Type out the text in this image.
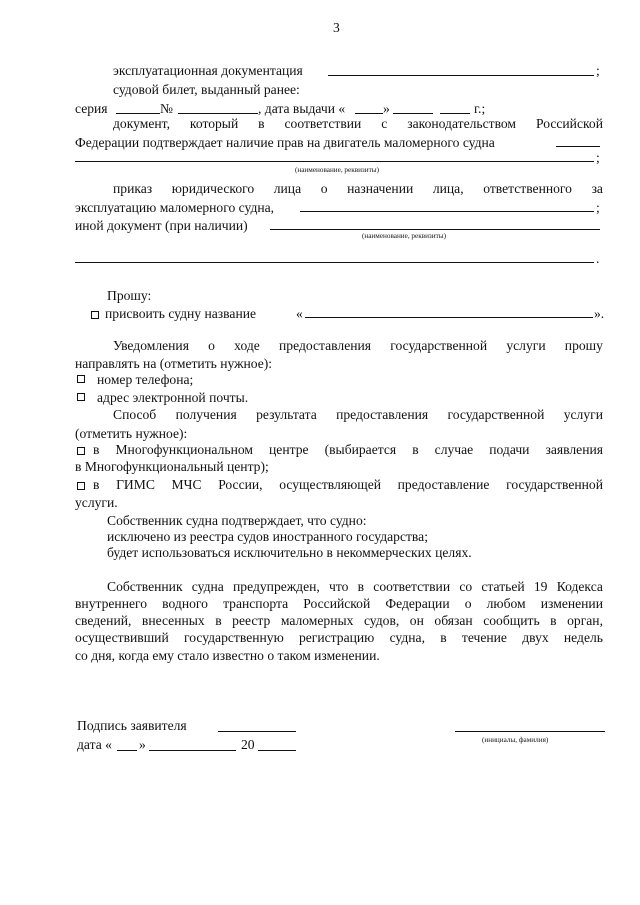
3
эксплуатационная документация	;
судовой билет, выданный ранее:
серия	№	, дата выдачи «	»	г.;
документ, который в соответствии с законодательством Российской
Федерации подтверждает наличие прав на двигатель маломерного судна
;
(наименование, реквизиты)
приказ юридического лица о назначении лица, ответственного за
эксплуатацию маломерного судна,	;
иной документ (при наличии)
(наименование, реквизиты)
.
Прошу:
присвоить судну название	«	».
Уведомления о ходе предоставления государственной услуги прошу
направлять на (отметить нужное):
номер телефона;
адрес электронной почты.
Способ получения результата предоставления государственной услуги
(отметить нужное):
в Многофункциональном центре (выбирается в случае подачи заявления
в Многофункциональный центр);
в ГИМС МЧС России, осуществляющей предоставление государственной
услуги.
Собственник судна подтверждает, что судно:
исключено из реестра судов иностранного государства;
будет использоваться исключительно в некоммерческих целях.
Собственник судна предупрежден, что в соответствии со статьей 19 Кодекса
внутреннего водного транспорта Российской Федерации о любом изменении
сведений, внесенных в реестр маломерных судов, он обязан сообщить в орган,
осуществивший государственную регистрацию судна, в течение двух недель
со дня, когда ему стало известно о таком изменении.
Подпись заявителя
(инициалы, фамилия)
дата « »	20
